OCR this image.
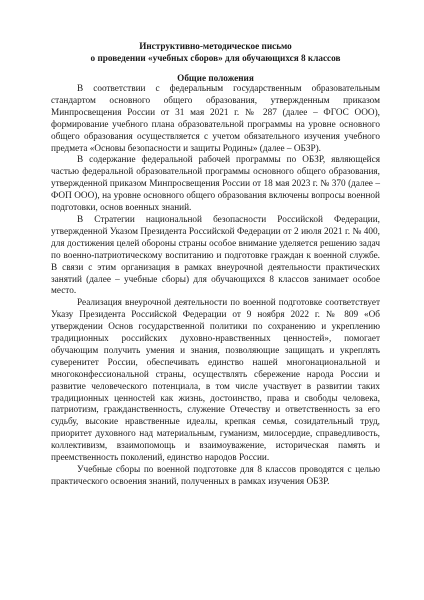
Инструктивно-методическое письмо
о проведении «учебных сборов» для обучающихся 8 классов
Общие положения

В соответствии с федеральным государственным образовательным стандартом основного общего образования, утвержденным приказом Минпросвещения России от 31 мая 2021 г. № 287 (далее – ФГОС ООО), формирование учебного плана образовательной программы на уровне основного общего образования осуществляется с учетом обязательного изучения учебного предмета «Основы безопасности и защиты Родины» (далее – ОБЗР).

В содержание федеральной рабочей программы по ОБЗР, являющейся частью федеральной образовательной программы основного общего образования, утвержденной приказом Минпросвещения России от 18 мая 2023 г. № 370 (далее – ФОП ООО), на уровне основного общего образования включены вопросы военной подготовки, основ военных знаний.

В Стратегии национальной безопасности Российской Федерации, утвержденной Указом Президента Российской Федерации от 2 июля 2021 г. № 400, для достижения целей обороны страны особое внимание уделяется решению задач по военно-патриотическому воспитанию и подготовке граждан к военной службе. В связи с этим организация в рамках внеурочной деятельности практических занятий (далее – учебные сборы) для обучающихся 8 классов занимает особое место.

Реализация внеурочной деятельности по военной подготовке соответствует Указу Президента Российской Федерации от 9 ноября 2022 г. № 809 «Об утверждении Основ государственной политики по сохранению и укреплению традиционных российских духовно-нравственных ценностей», помогает обучающим получить умения и знания, позволяющие защищать и укреплять суверенитет России, обеспечивать единство нашей многонациональной и многоконфессиональной страны, осуществлять сбережение народа России и развитие человеческого потенциала, в том числе участвует в развитии таких традиционных ценностей как жизнь, достоинство, права и свободы человека, патриотизм, гражданственность, служение Отечеству и ответственность за его судьбу, высокие нравственные идеалы, крепкая семья, созидательный труд, приоритет духовного над материальным, гуманизм, милосердие, справедливость, коллективизм, взаимопомощь и взаимоуважение, историческая память и преемственность поколений, единство народов России.

Учебные сборы по военной подготовке для 8 классов проводятся с целью практического освоения знаний, полученных в рамках изучения ОБЗР.
